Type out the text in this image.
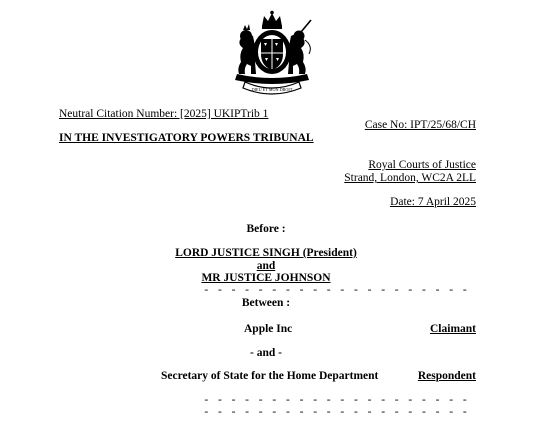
DIEU ET MON DROIT
Neutral Citation Number: [2025] UKIPTrib 1
Case No: IPT/25/68/CH
IN THE INVESTIGATORY POWERS TRIBUNAL
Royal Courts of Justice
Strand, London, WC2A 2LL
Date: 7 April 2025
Before :
LORD JUSTICE SINGH (President)
and
MR JUSTICE JOHNSON
- - - - - - - - - - - - - - - - - - - -
Between :
Apple Inc	Claimant
- and -
Secretary of State for the Home Department	Respondent
- - - - - - - - - - - - - - - - - - - -
- - - - - - - - - - - - - - - - - - - -
